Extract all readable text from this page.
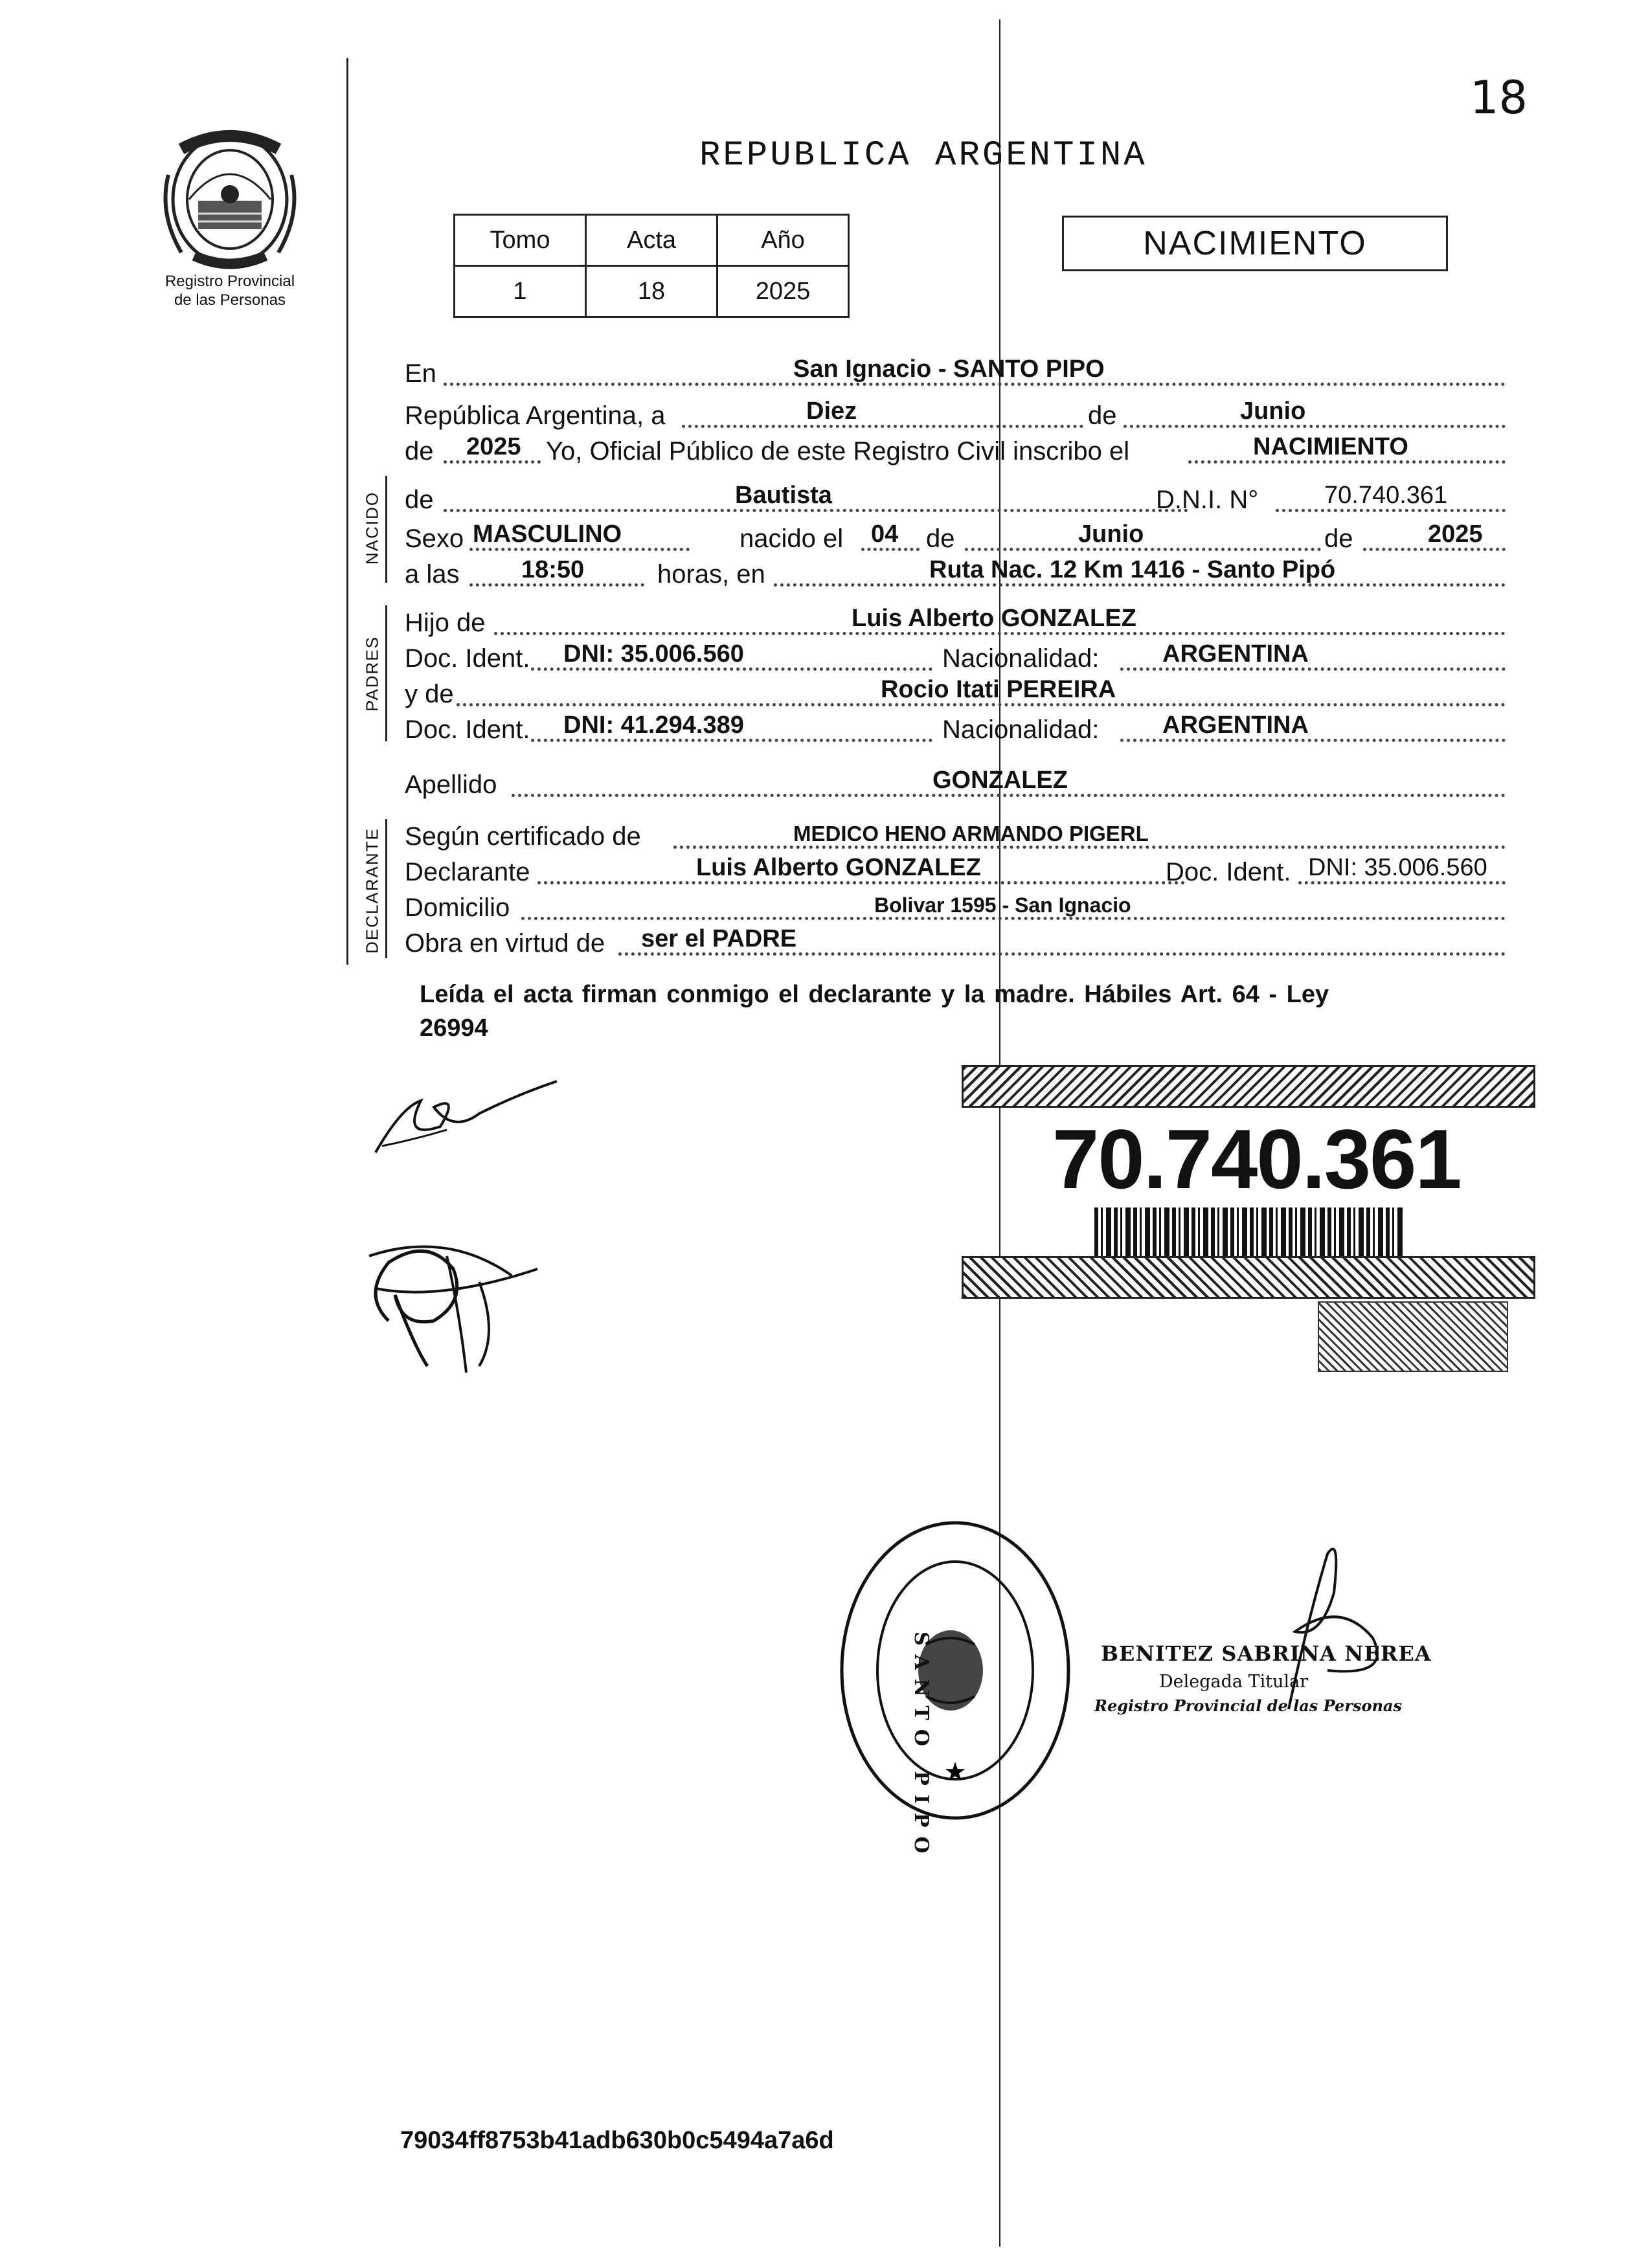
18
Registro Provincial
de las Personas
REPUBLICA ARGENTINA
Tomo	Acta	Año
1	18	2025
NACIMIENTO
En	San Ignacio - SANTO PIPO
República Argentina, a	Diez	de	Junio
de 2025 Yo, Oficial Público de este Registro Civil inscribo el	NACIMIENTO
NACIDO de	Bautista	D.N.I. N°	70.740.361
Sexo MASCULINO	nacido el 04 de	Junio	de	2025
a las	18:50	horas, en	Ruta Nac. 12 Km 1416 - Santo Pipó
PADRES
Hijo de	Luis Alberto GONZALEZ
Doc. Ident. DNI: 35.006.560	Nacionalidad:	ARGENTINA
y de	Rocio Itati PEREIRA
Doc. Ident. DNI: 41.294.389	Nacionalidad:	ARGENTINA
Apellido	GONZALEZ
DECLARANTE Según certificado de	MEDICO HENO ARMANDO PIGERL
Declarante	Luis Alberto GONZALEZ	Doc. Ident. DNI: 35.006.560
Domicilio	Bolivar 1595 - San Ignacio
Obra en virtud de ser el PADRE
Leída el acta firman conmigo el declarante y la madre. Hábiles Art. 64 - Ley
26994
70.740.361
★
SANTO PIPO	BENITEZ SABRINA NEREA
Delegada Titular
Registro Provincial de las Personas
79034ff8753b41adb630b0c5494a7a6d
